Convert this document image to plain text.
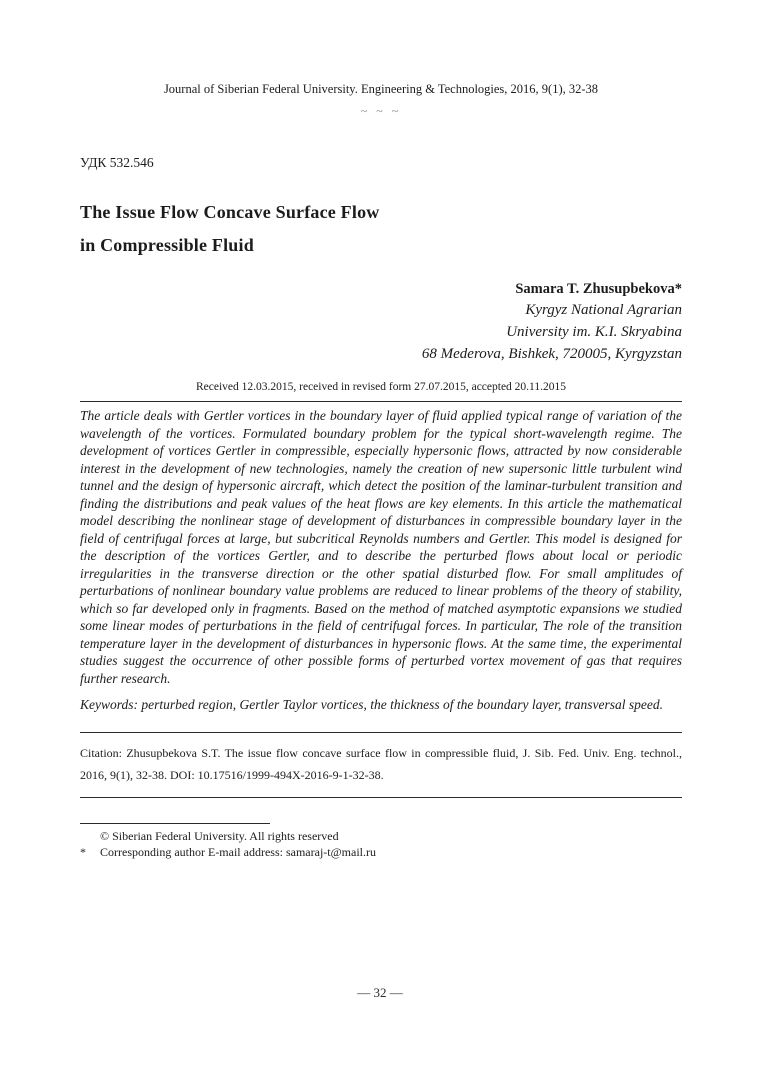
Journal of Siberian Federal University. Engineering & Technologies, 2016, 9(1), 32-38

~ ~ ~

УДК 532.546

The Issue Flow Concave Surface Flow
in Compressible Fluid

Samara T. Zhusupbekova*

Kyrgyz National Agrarian

University im. K.I. Skryabina

68 Mederova, Bishkek, 720005, Kyrgyzstan

Received 12.03.2015, received in revised form 27.07.2015, accepted 20.11.2015

The article deals with Gertler vortices in the boundary layer of fluid applied typical range of variation of the wavelength of the vortices. Formulated boundary problem for the typical short-wavelength regime. The development of vortices Gertler in compressible, especially hypersonic flows, attracted by now considerable interest in the development of new technologies, namely the creation of new supersonic little turbulent wind tunnel and the design of hypersonic aircraft, which detect the position of the laminar-turbulent transition and finding the distributions and peak values of the heat flows are key elements. In this article the mathematical model describing the nonlinear stage of development of disturbances in compressible boundary layer in the field of centrifugal forces at large, but subcritical Reynolds numbers and Gertler. This model is designed for the description of the vortices Gertler, and to describe the perturbed flows about local or periodic irregularities in the transverse direction or the other spatial disturbed flow. For small amplitudes of perturbations of nonlinear boundary value problems are reduced to linear problems of the theory of stability, which so far developed only in fragments. Based on the method of matched asymptotic expansions we studied some linear modes of perturbations in the field of centrifugal forces. In particular, The role of the transition temperature layer in the development of disturbances in hypersonic flows. At the same time, the experimental studies suggest the occurrence of other possible forms of perturbed vortex movement of gas that requires further research.

Keywords: perturbed region, Gertler Taylor vortices, the thickness of the boundary layer, transversal speed.

Citation: Zhusupbekova S.T. The issue flow concave surface flow in compressible fluid, J. Sib. Fed. Univ. Eng. technol., 2016, 9(1), 32-38. DOI: 10.17516/1999-494X-2016-9-1-32-38.

© Siberian Federal University. All rights reserved
*	Corresponding author E-mail address: samaraj-t@mail.ru
— 32 —
